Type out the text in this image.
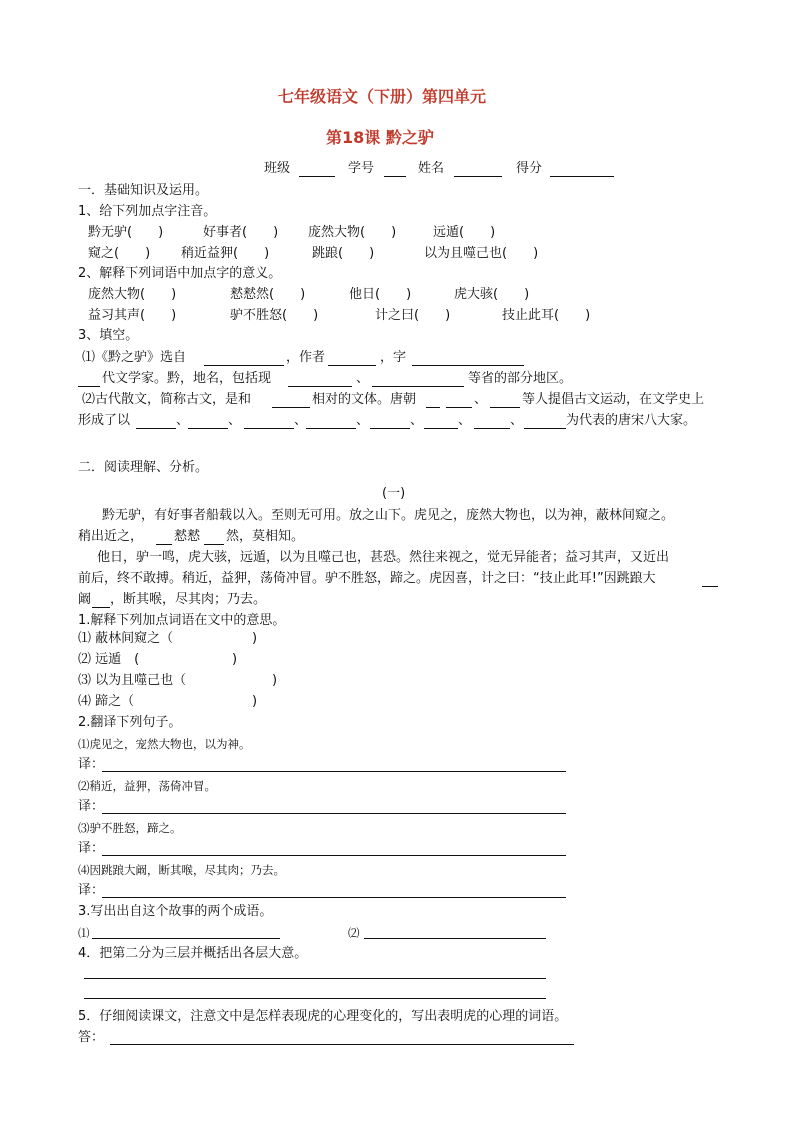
七年级语文（下册）第四单元
第18课 黔之驴
班级	学号	姓名	得分
一．基础知识及运用。
1、给下列加点字注音。
黔无驴(　　)	好事者(　　) 庞然大物(　　)	远遁(　　)
窥之(　　) 稍近益狎(　　)	跳踉(　　)	以为且噬己也(　　)
2、解释下列词语中加点字的意义。
庞然大物(　　)	慭慭然(　　)	他日(　　)	虎大骇(　　)
益习其声(　　)	驴不胜怒(　　)	计之曰(　　)	技止此耳(　　)
3、填空。
⑴《黔之驴》选自	，作者	，字
代文学家。黔，地名，包括现	、	等省的部分地区。
⑵古代散文，简称古文，是和	相对的文体。唐朝	、	等人提倡古文运动，在文学史上
形成了以	、	、	、	、	、	、	、	为代表的唐宋八大家。
二．阅读理解、分析。
(一)
黔无驴，有好事者船载以入。至则无可用。放之山下。虎见之，庞然大物也，以为神，蔽林间窥之。
稍出近之， 慭慭 然，莫相知。
他日，驴一鸣，虎大骇，远遁，以为且噬己也，甚恐。然往来视之，觉无异能者；益习其声，又近出
前后，终不敢搏。稍近，益狎，荡倚冲冒。驴不胜怒，蹄之。虎因喜，计之曰：“技止此耳!”因跳踉大
阚 ，断其喉，尽其肉；乃去。
1.解释下列加点词语在文中的意思。
⑴ 蔽林间窥之（	)
⑵ 远遁　(	)
⑶ 以为且噬己也（	)
⑷ 蹄之（	)
2.翻译下列句子。
⑴虎见之，宠然大物也，以为神。
译：
⑵稍近，益狎，荡倚冲冒。
译：
⑶驴不胜怒，蹄之。
译：
⑷因跳踉大阚，断其喉，尽其肉；乃去。
译：
3.写出出自这个故事的两个成语。
⑴	⑵
4．把第二分为三层并概括出各层大意。
5．仔细阅读课文，注意文中是怎样表现虎的心理变化的，写出表明虎的心理的词语。
答：
